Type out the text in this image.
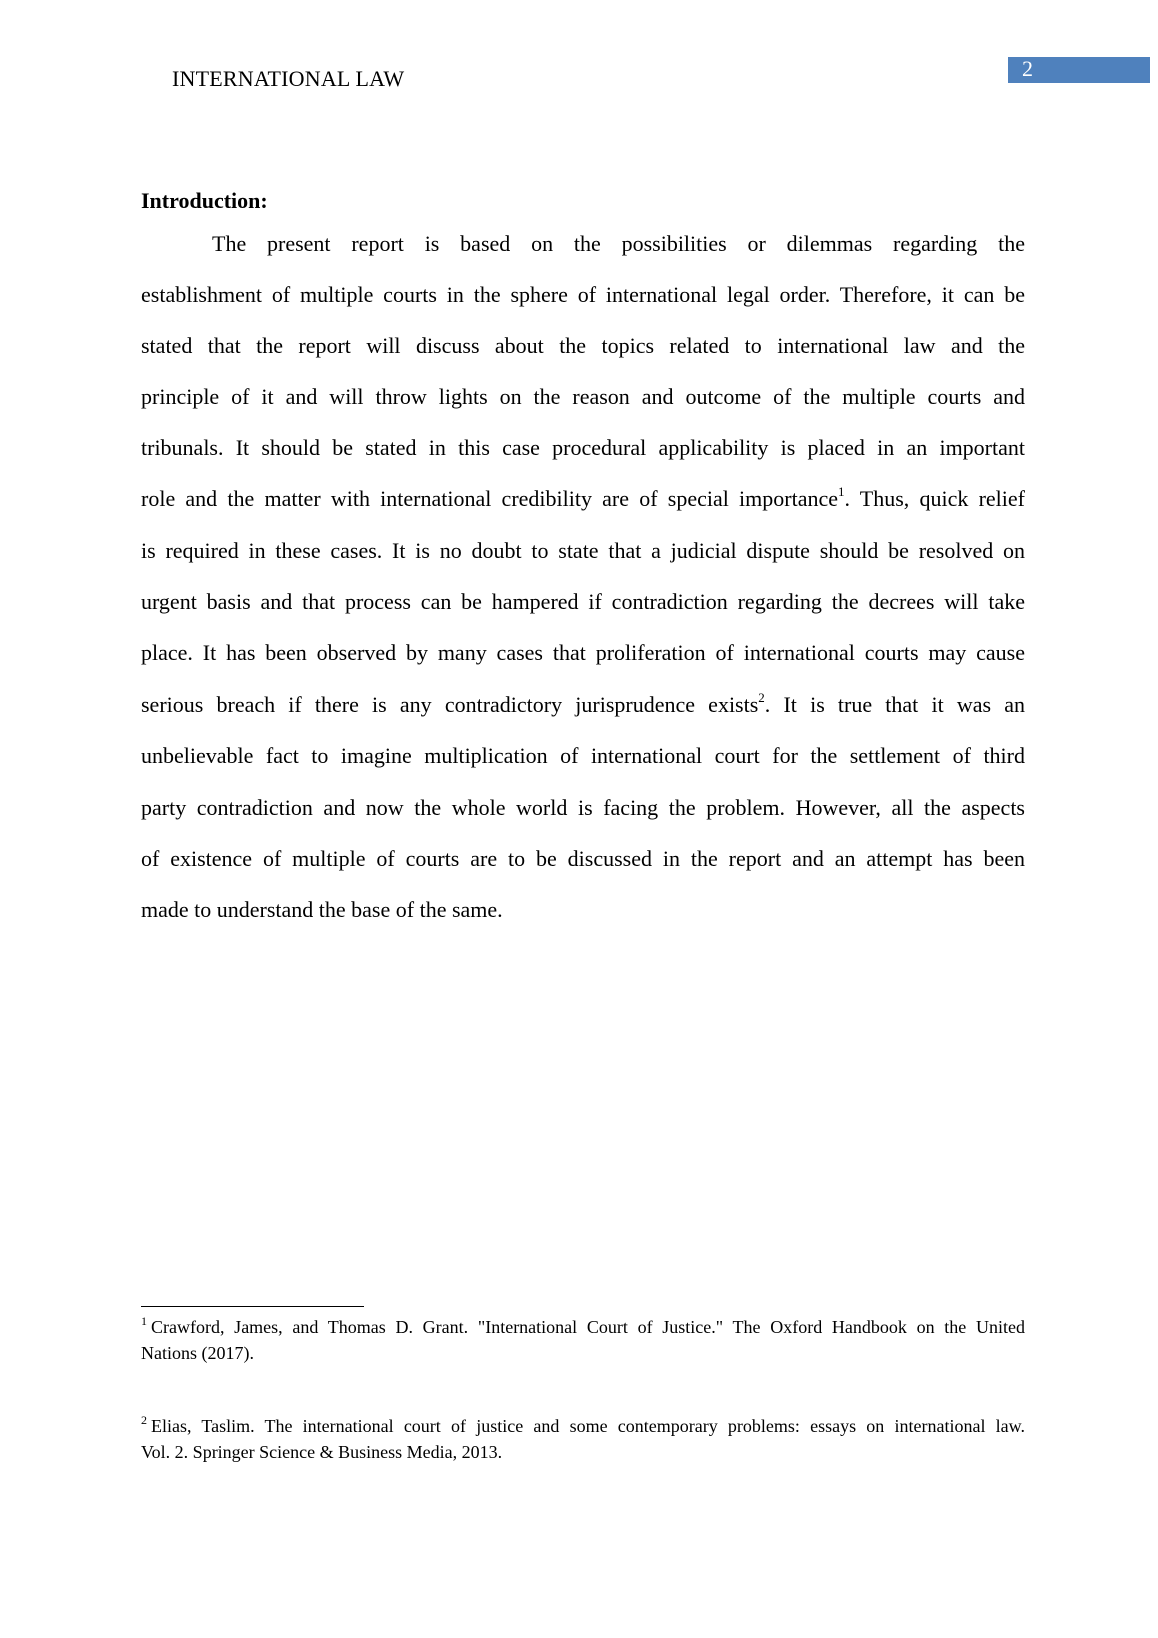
INTERNATIONAL LAW	2
Introduction:
The present report is based on the possibilities or dilemmas regarding the
establishment of multiple courts in the sphere of international legal order. Therefore, it can be
stated that the report will discuss about the topics related to international law and the
principle of it and will throw lights on the reason and outcome of the multiple courts and
tribunals. It should be stated in this case procedural applicability is placed in an important
role and the matter with international credibility are of special importance$^1$. Thus, quick relief
is required in these cases. It is no doubt to state that a judicial dispute should be resolved on
urgent basis and that process can be hampered if contradiction regarding the decrees will take
place. It has been observed by many cases that proliferation of international courts may cause
serious breach if there is any contradictory jurisprudence exists$^2$. It is true that it was an
unbelievable fact to imagine multiplication of international court for the settlement of third
party contradiction and now the whole world is facing the problem. However, all the aspects
of existence of multiple of courts are to be discussed in the report and an attempt has been
made to understand the base of the same.
$^1$ Crawford, James, and Thomas D. Grant. "International Court of Justice." The Oxford Handbook on the United
Nations (2017).
$^2$ Elias, Taslim. The international court of justice and some contemporary problems: essays on international law.
Vol. 2. Springer Science & Business Media, 2013.
